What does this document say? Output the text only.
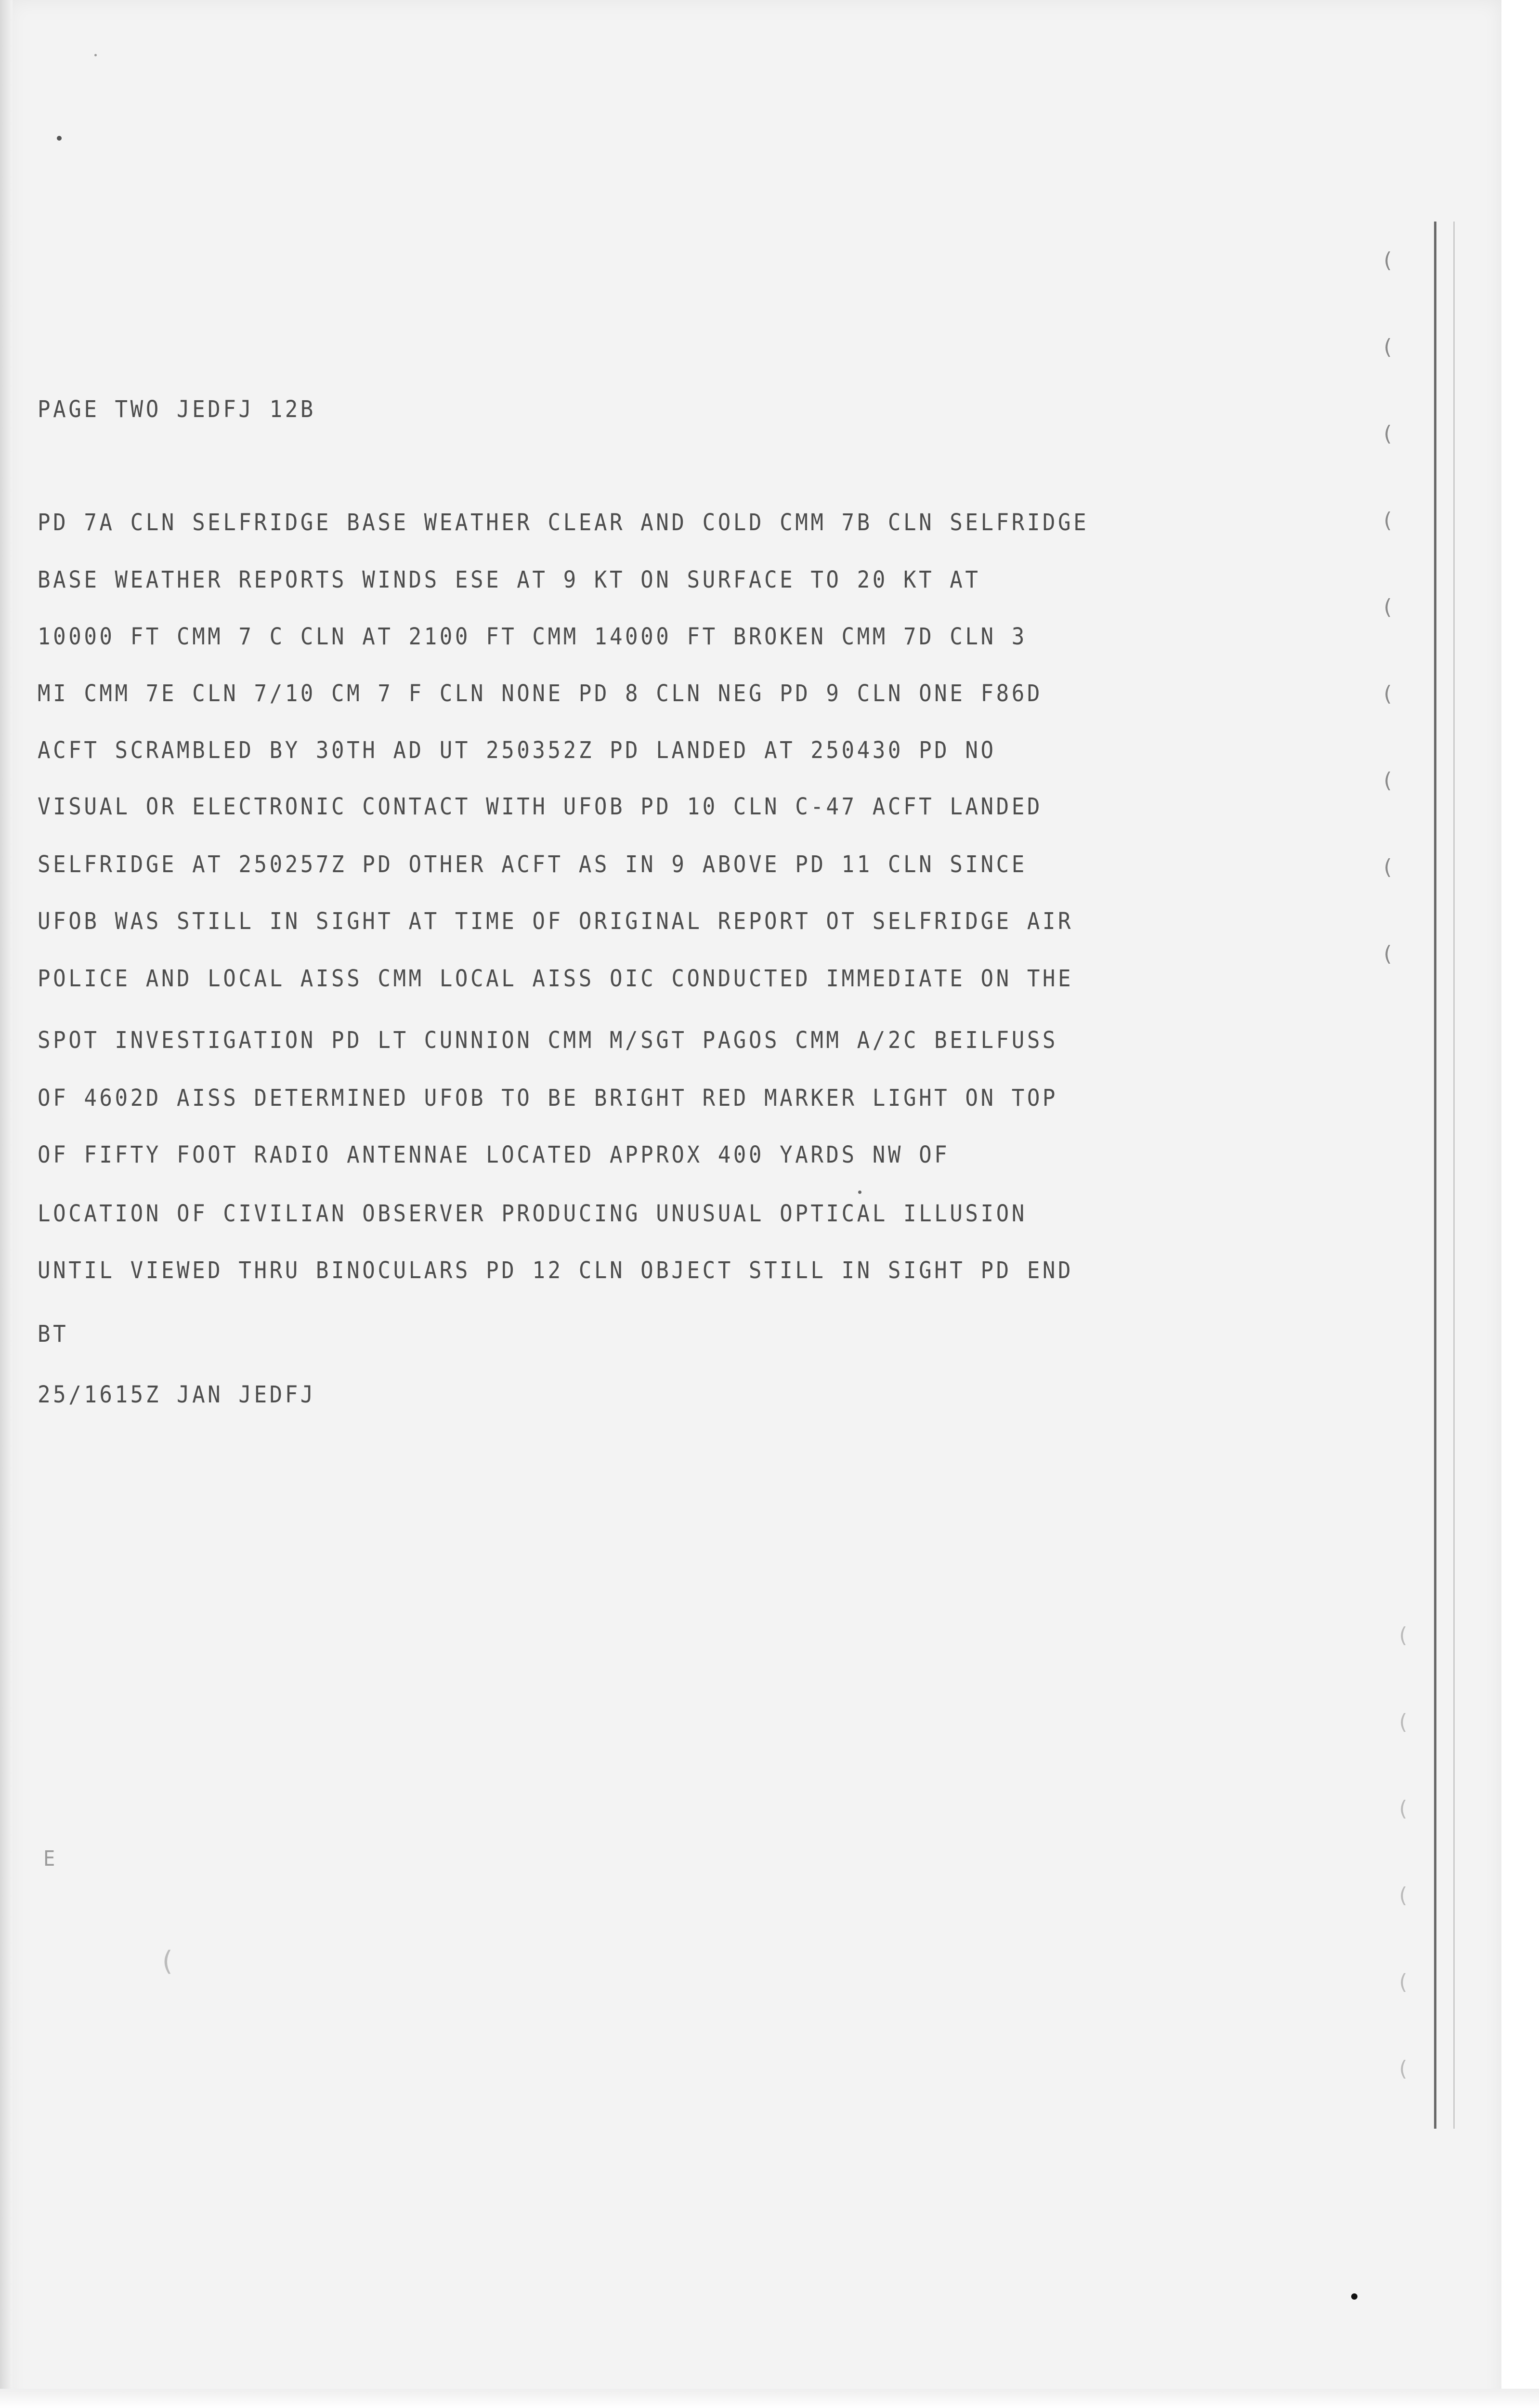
(
(
(
(
(
(
(
(
(
(
(
(
(
(
(
(
PAGE TWO JEDFJ 12B
PD 7A CLN SELFRIDGE BASE WEATHER CLEAR AND COLD CMM 7B CLN SELFRIDGE
BASE WEATHER REPORTS WINDS ESE AT 9 KT ON SURFACE TO 20 KT AT
10000 FT CMM 7 C CLN AT 2100 FT CMM 14000 FT BROKEN CMM 7D CLN 3
MI CMM 7E CLN 7/10 CM 7 F CLN NONE PD 8 CLN NEG PD 9 CLN ONE F86D
ACFT SCRAMBLED BY 30TH AD UT 250352Z PD LANDED AT 250430 PD NO
VISUAL OR ELECTRONIC CONTACT WITH UFOB PD 10 CLN C-47 ACFT LANDED
SELFRIDGE AT 250257Z PD OTHER ACFT AS IN 9 ABOVE PD 11 CLN SINCE
UFOB WAS STILL IN SIGHT AT TIME OF ORIGINAL REPORT OT SELFRIDGE AIR
POLICE AND LOCAL AISS CMM LOCAL AISS OIC CONDUCTED IMMEDIATE ON THE
SPOT INVESTIGATION PD LT CUNNION CMM M/SGT PAGOS CMM A/2C BEILFUSS
OF 4602D AISS DETERMINED UFOB TO BE BRIGHT RED MARKER LIGHT ON TOP
OF FIFTY FOOT RADIO ANTENNAE LOCATED APPROX 400 YARDS NW OF
LOCATION OF CIVILIAN OBSERVER PRODUCING UNUSUAL OPTICAL ILLUSION
UNTIL VIEWED THRU BINOCULARS PD 12 CLN OBJECT STILL IN SIGHT PD END
BT
25/1615Z JAN JEDFJ
E
